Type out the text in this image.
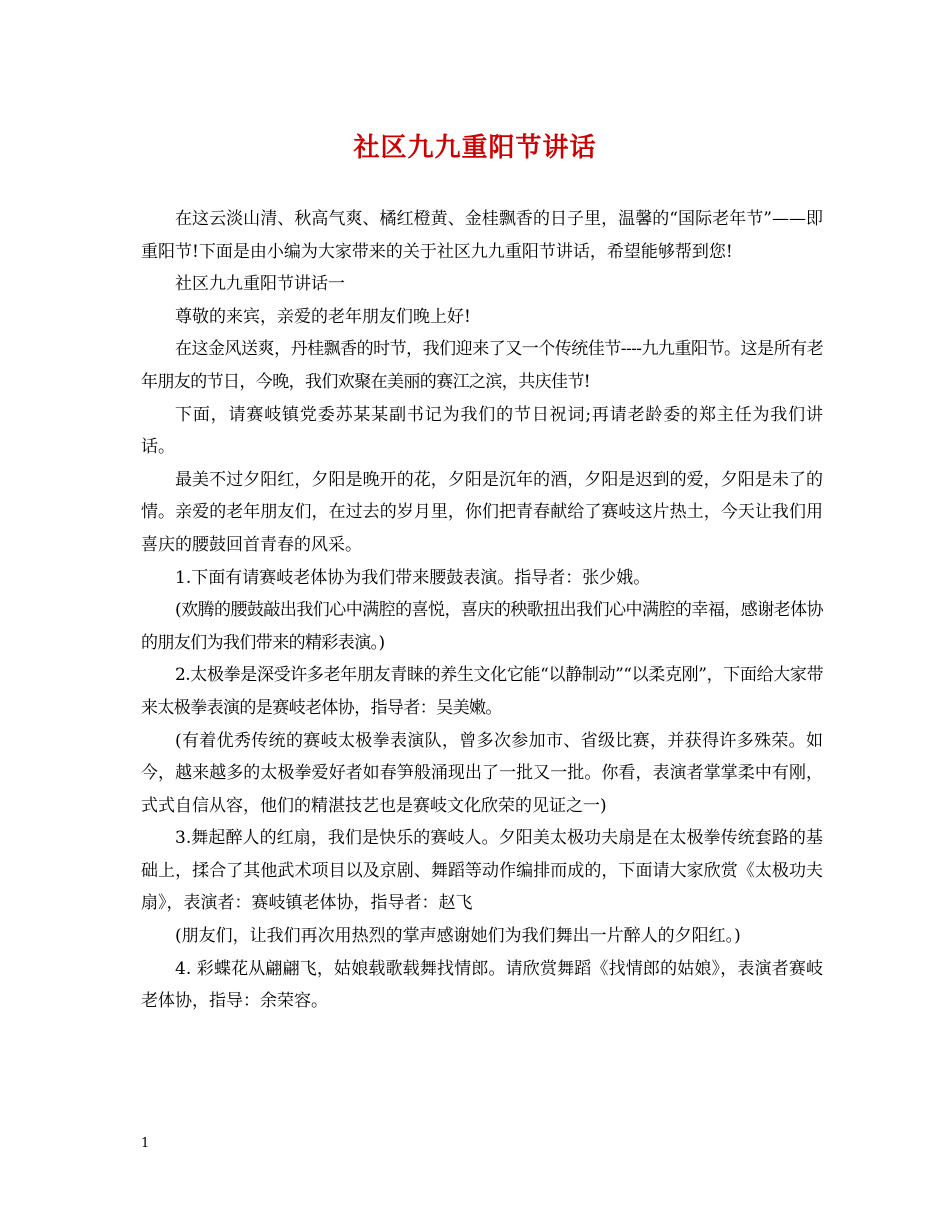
社区九九重阳节讲话

在这云淡山清、秋高气爽、橘红橙黄、金桂飘香的日子里，温馨的“国际老年节”——即重阳节!下面是由小编为大家带来的关于社区九九重阳节讲话，希望能够帮到您!

社区九九重阳节讲话一

尊敬的来宾，亲爱的老年朋友们晚上好!

在这金风送爽，丹桂飘香的时节，我们迎来了又一个传统佳节----九九重阳节。这是所有老年朋友的节日，今晚，我们欢聚在美丽的赛江之滨，共庆佳节!

下面，请赛岐镇党委苏某某副书记为我们的节日祝词;再请老龄委的郑主任为我们讲话。

最美不过夕阳红，夕阳是晚开的花，夕阳是沉年的酒，夕阳是迟到的爱，夕阳是未了的情。亲爱的老年朋友们，在过去的岁月里，你们把青春献给了赛岐这片热土，今天让我们用喜庆的腰鼓回首青春的风采。

1.下面有请赛岐老体协为我们带来腰鼓表演。指导者：张少娥。

(欢腾的腰鼓敲出我们心中满腔的喜悦，喜庆的秧歌扭出我们心中满腔的幸福，感谢老体协的朋友们为我们带来的精彩表演。)

2.太极拳是深受许多老年朋友青睐的养生文化它能“以静制动”“以柔克刚”，下面给大家带来太极拳表演的是赛岐老体协，指导者：吴美嫩。

(有着优秀传统的赛岐太极拳表演队，曾多次参加市、省级比赛，并获得许多殊荣。如今，越来越多的太极拳爱好者如春笋般涌现出了一批又一批。你看，表演者掌掌柔中有刚，式式自信从容，他们的精湛技艺也是赛岐文化欣荣的见证之一)

3.舞起醉人的红扇，我们是快乐的赛岐人。夕阳美太极功夫扇是在太极拳传统套路的基础上，揉合了其他武术项目以及京剧、舞蹈等动作编排而成的，下面请大家欣赏《太极功夫扇》，表演者：赛岐镇老体协，指导者：赵飞

(朋友们，让我们再次用热烈的掌声感谢她们为我们舞出一片醉人的夕阳红。)

4. 彩蝶花从翩翩飞，姑娘载歌载舞找情郎。请欣赏舞蹈《找情郎的姑娘》，表演者赛岐老体协，指导：余荣容。

1
